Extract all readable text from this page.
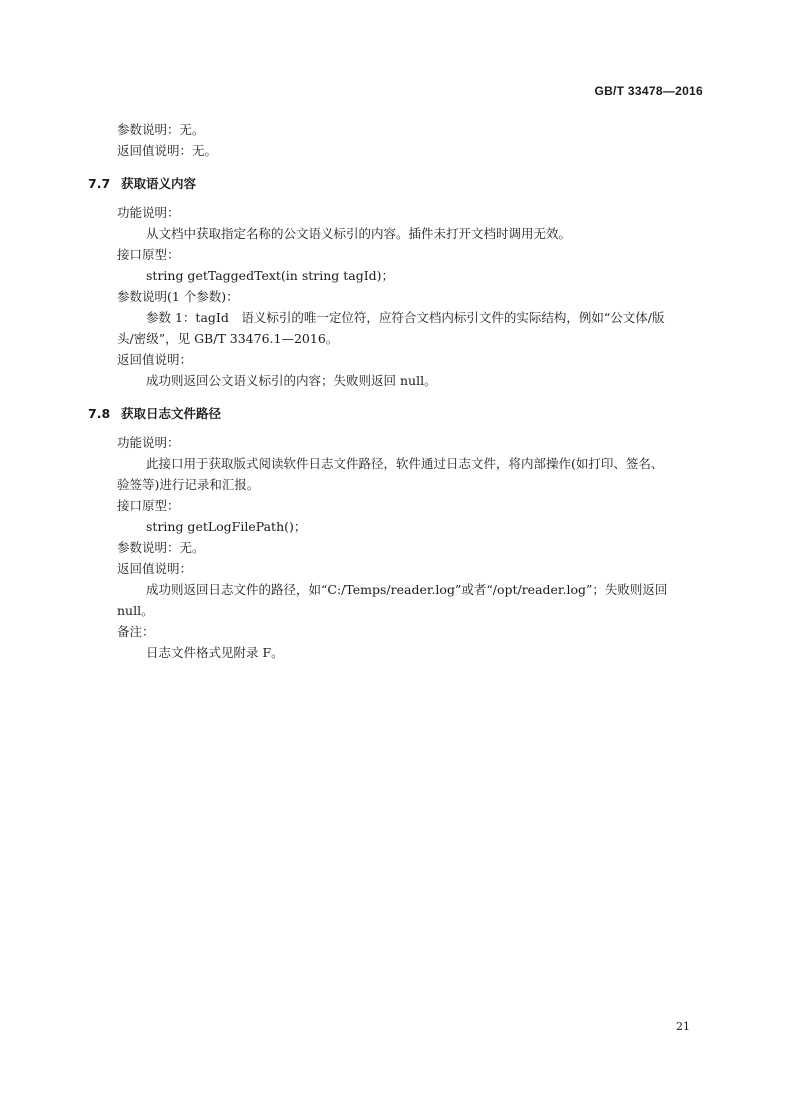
GB/T 33478—2016
参数说明：无。
返回值说明：无。
7.7 获取语义内容
功能说明：
从文档中获取指定名称的公文语义标引的内容。插件未打开文档时调用无效。
接口原型：
string getTaggedText(in string tagId)；
参数说明(1 个参数)：
参数 1：tagId　语义标引的唯一定位符，应符合文档内标引文件的实际结构，例如“公文体/版
头/密级”，见 GB/T 33476.1—2016。
返回值说明：
成功则返回公文语义标引的内容；失败则返回 null。
7.8 获取日志文件路径
功能说明：
此接口用于获取版式阅读软件日志文件路径，软件通过日志文件，将内部操作(如打印、签名、
验签等)进行记录和汇报。
接口原型：
string getLogFilePath()；
参数说明：无。
返回值说明：
成功则返回日志文件的路径，如“C:/Temps/reader.log”或者“/opt/reader.log”；失败则返回
null。
备注：
日志文件格式见附录 F。
21
